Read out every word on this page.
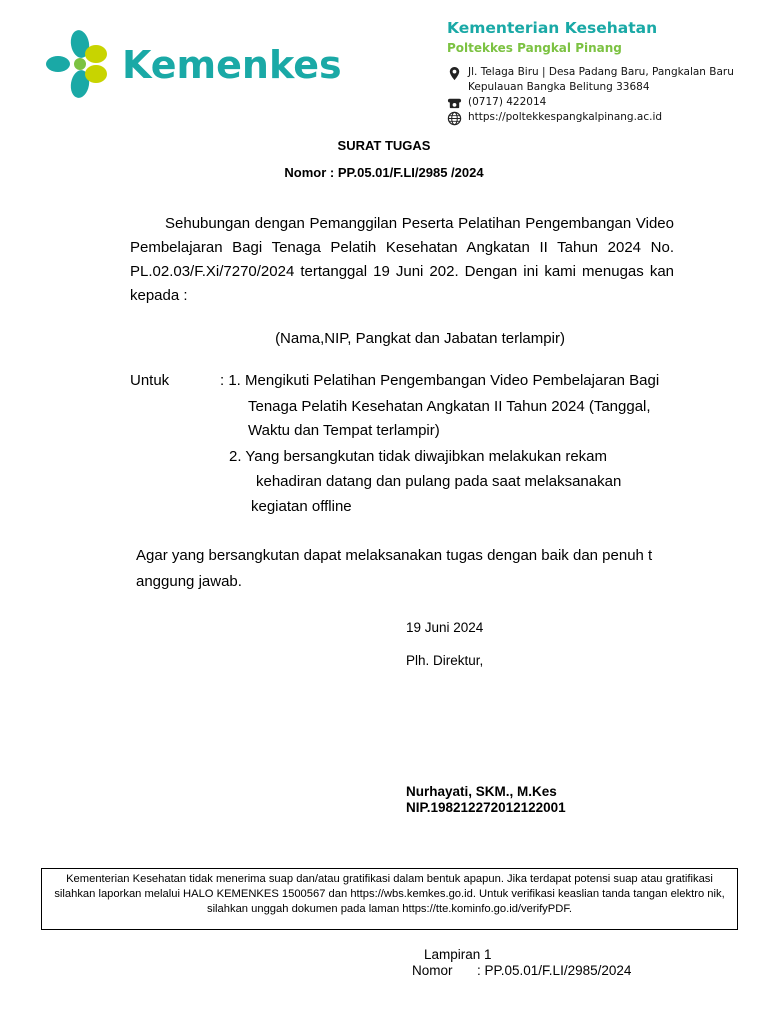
Kemenkes
Kementerian Kesehatan
Poltekkes Pangkal Pinang
Jl. Telaga Biru | Desa Padang Baru, Pangkalan Baru
Kepulauan Bangka Belitung 33684
(0717) 422014
https://poltekkespangkalpinang.ac.id
SURAT TUGAS
Nomor : PP.05.01/F.LI/2985 /2024
Sehubungan dengan Pemanggilan Peserta Pelatihan Pengembangan Video Pembelajaran Bagi Tenaga Pelatih Kesehatan Angkatan II Tahun 2024 No. PL.02.03/F.Xi/7270/2024 tertanggal 19 Juni 202. Dengan ini kami menugas kan kepada :
(Nama,NIP, Pangkat dan Jabatan terlampir)
Untuk	: 1. Mengikuti Pelatihan Pengembangan Video Pembelajaran Bagi
Tenaga Pelatih Kesehatan Angkatan II Tahun 2024 (Tanggal,
Waktu dan Tempat terlampir)
2. Yang bersangkutan tidak diwajibkan melakukan rekam
kehadiran datang dan pulang pada saat melaksanakan
kegiatan offline
Agar yang bersangkutan dapat melaksanakan tugas dengan baik dan penuh t
anggung jawab.
19 Juni 2024
Plh. Direktur,
Nurhayati, SKM., M.Kes
NIP.198212272012122001
Kementerian Kesehatan tidak menerima suap dan/atau gratifikasi dalam bentuk apapun. Jika terdapat potensi suap atau gratifikasi silahkan laporkan melalui HALO KEMENKES 1500567 dan https://wbs.kemkes.go.id. Untuk verifikasi keaslian tanda tangan elektro nik, silahkan unggah dokumen pada laman https://tte.kominfo.go.id/verifyPDF.
Lampiran 1
Nomor : PP.05.01/F.LI/2985/2024
